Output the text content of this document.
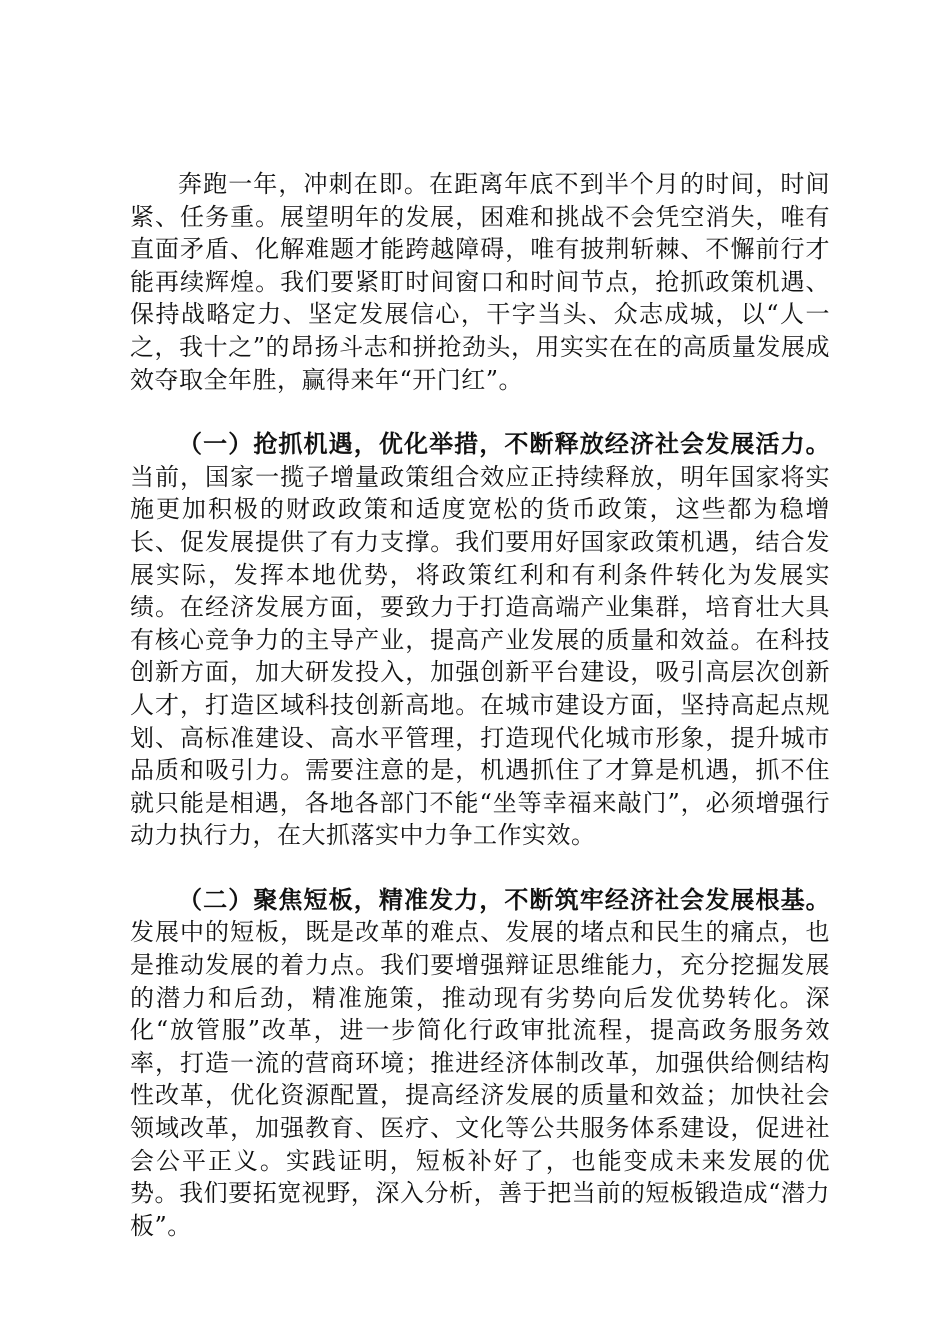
奔跑一年，冲刺在即。在距离年底不到半个月的时间，时间紧、任务重。展望明年的发展，困难和挑战不会凭空消失，唯有直面矛盾、化解难题才能跨越障碍，唯有披荆斩棘、不懈前行才能再续辉煌。我们要紧盯时间窗口和时间节点，抢抓政策机遇、保持战略定力、坚定发展信心，干字当头、众志成城，以“人一之，我十之”的昂扬斗志和拼抢劲头，用实实在在的高质量发展成效夺取全年胜，赢得来年“开门红”。

（一）抢抓机遇，优化举措，不断释放经济社会发展活力。当前，国家一揽子增量政策组合效应正持续释放，明年国家将实施更加积极的财政政策和适度宽松的货币政策，这些都为稳增长、促发展提供了有力支撑。我们要用好国家政策机遇，结合发展实际，发挥本地优势，将政策红利和有利条件转化为发展实绩。在经济发展方面，要致力于打造高端产业集群，培育壮大具有核心竞争力的主导产业，提高产业发展的质量和效益。在科技创新方面，加大研发投入，加强创新平台建设，吸引高层次创新人才，打造区域科技创新高地。在城市建设方面，坚持高起点规划、高标准建设、高水平管理，打造现代化城市形象，提升城市品质和吸引力。需要注意的是，机遇抓住了才算是机遇，抓不住就只能是相遇，各地各部门不能“坐等幸福来敲门”，必须增强行动力执行力，在大抓落实中力争工作实效。

（二）聚焦短板，精准发力，不断筑牢经济社会发展根基。发展中的短板，既是改革的难点、发展的堵点和民生的痛点，也是推动发展的着力点。我们要增强辩证思维能力，充分挖掘发展的潜力和后劲，精准施策，推动现有劣势向后发优势转化。深化“放管服”改革，进一步简化行政审批流程，提高政务服务效率，打造一流的营商环境；推进经济体制改革，加强供给侧结构性改革，优化资源配置，提高经济发展的质量和效益；加快社会领域改革，加强教育、医疗、文化等公共服务体系建设，促进社会公平正义。实践证明，短板补好了，也能变成未来发展的优势。我们要拓宽视野，深入分析，善于把当前的短板锻造成“潜力板”。
